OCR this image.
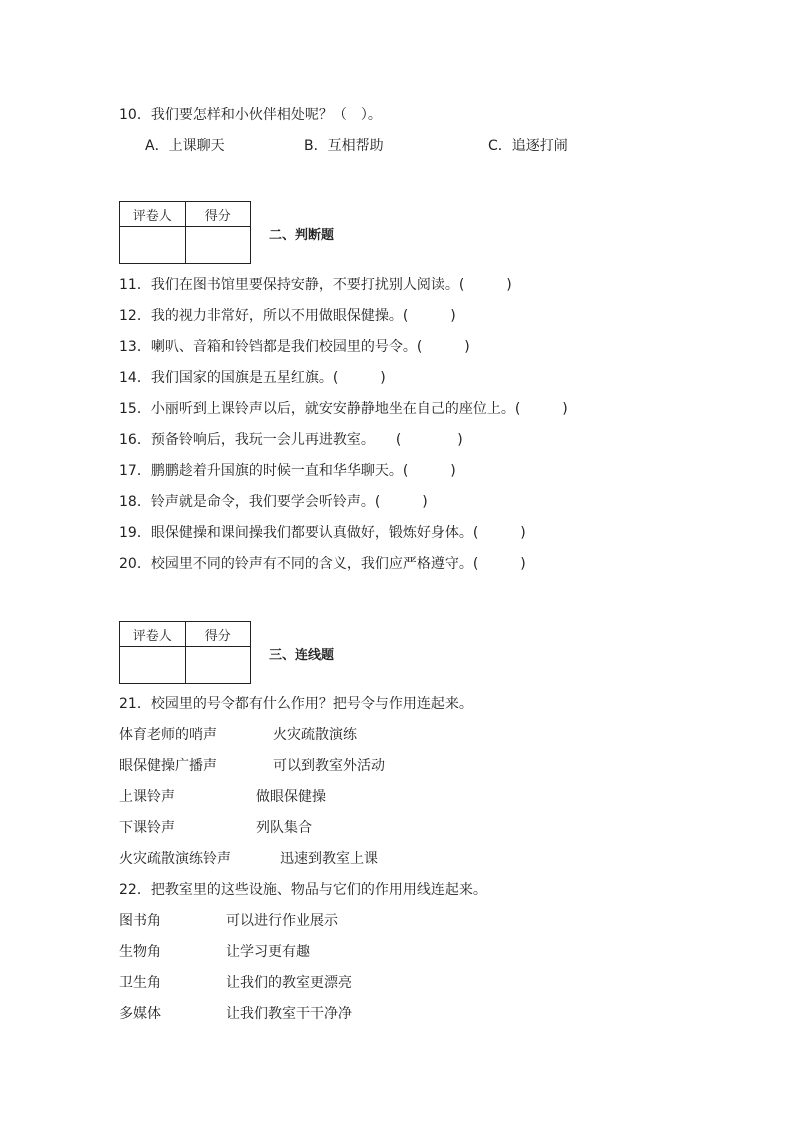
10．我们要怎样和小伙伴相处呢？（　）。
A．上课聊天	B．互相帮助	C．追逐打闹
评卷人	得分

二、判断题
11．我们在图书馆里要保持安静，不要打扰别人阅读。(　　　)
12．我的视力非常好，所以不用做眼保健操。(　　　)
13．喇叭、音箱和铃铛都是我们校园里的号令。(　　　)
14．我们国家的国旗是五星红旗。(　　　)
15．小丽听到上课铃声以后，就安安静静地坐在自己的座位上。(　　　)
16．预备铃响后，我玩一会儿再进教室。　　(　　　　)
17．鹏鹏趁着升国旗的时候一直和华华聊天。(　　　)
18．铃声就是命令，我们要学会听铃声。(　　　)
19．眼保健操和课间操我们都要认真做好，锻炼好身体。(　　　)
20．校园里不同的铃声有不同的含义，我们应严格遵守。(　　　)
评卷人	得分

三、连线题
21．校园里的号令都有什么作用？把号令与作用连起来。
体育老师的哨声	火灾疏散演练
眼保健操广播声	可以到教室外活动
上课铃声	做眼保健操
下课铃声	列队集合
火灾疏散演练铃声	迅速到教室上课
22．把教室里的这些设施、物品与它们的作用用线连起来。
图书角	可以进行作业展示
生物角	让学习更有趣
卫生角	让我们的教室更漂亮
多媒体	让我们教室干干净净
